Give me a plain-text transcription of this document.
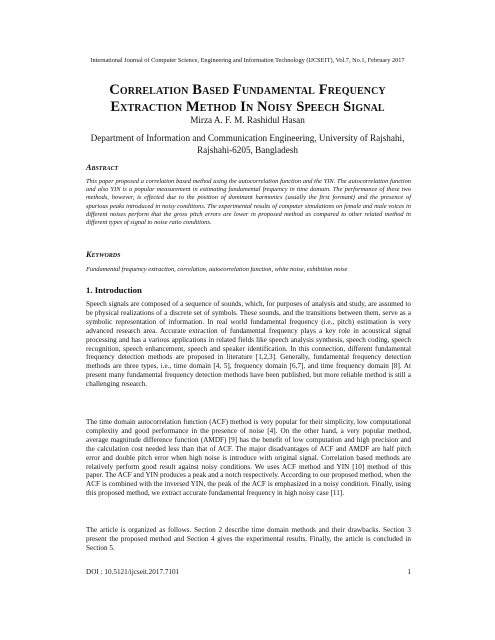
International Journal of Computer Science, Engineering and Information Technology (IJCSEIT), Vol.7, No.1, February 2017
Correlation Based Fundamental Frequency
Extraction Method In Noisy Speech Signal
Mirza A. F. M. Rashidul Hasan
Department of Information and Communication Engineering, University of Rajshahi,
Rajshahi-6205, Bangladesh
Abstract

This paper proposed a correlation based method using the autocorrelation function and the YIN. The autocorrelation function and also YIN is a popular measurement in estimating fundamental frequency in time domain. The performance of these two methods, however, is effected due to the position of dominant harmonics (usually the first formant) and the presence of spurious peaks introduced in noisy conditions. The experimental results of computer simulations on female and male voices in different noises perform that the gross pitch errors are lower in proposed method as compared to other related method in different types of signal to noise ratio conditions.

Keywords

Fundamental frequency extraction, correlation, autocorrelation function, white noise, exhibition noise

1. Introduction

Speech signals are composed of a sequence of sounds, which, for purposes of analysis and study, are assumed to be physical realizations of a discrete set of symbols. These sounds, and the transitions between them, serve as a symbolic representation of information. In real world fundamental frequency (i.e., pitch) estimation is very advanced research area. Accurate extraction of fundamental frequency plays a key role in acoustical signal processing and has a various applications in related fields like speech analysis synthesis, speech coding, speech recognition, speech enhancement, speech and speaker identification. In this connection, different fundamental frequency detection methods are proposed in literature [1,2,3]. Generally, fundamental frequency detection methods are three types, i.e., time domain [4, 5], frequency domain [6,7], and time frequency domain [8]. At present many fundamental frequency detection methods have been published, but more reliable method is still a challenging research.

The time domain autocorrelation function (ACF) method is very popular for their simplicity, low computational complexity and good performance in the presence of noise [4]. On the other hand, a very popular method, average magnitude difference function (AMDF) [9] has the benefit of low computation and high precision and the calculation cost needed less than that of ACF. The major disadvantages of ACF and AMDF are half pitch error and double pitch error when high noise is introduce with original signal. Correlation based methods are relatively perform good result against noisy conditions. We uses ACF method and YIN [10] method of this paper. The ACF and YIN produces a peak and a notch respectively. According to our proposed method, when the ACF is combined with the inversed YIN, the peak of the ACF is emphasized in a noisy condition. Finally, using this proposed method, we extract accurate fundamental frequency in high noisy case [11].

The article is organized as follows. Section 2 describe time domain methods and their drawbacks. Section 3 present the proposed method and Section 4 gives the experimental results. Finally, the article is concluded in Section 5.

DOI : 10.5121/ijcseit.2017.7101	1
